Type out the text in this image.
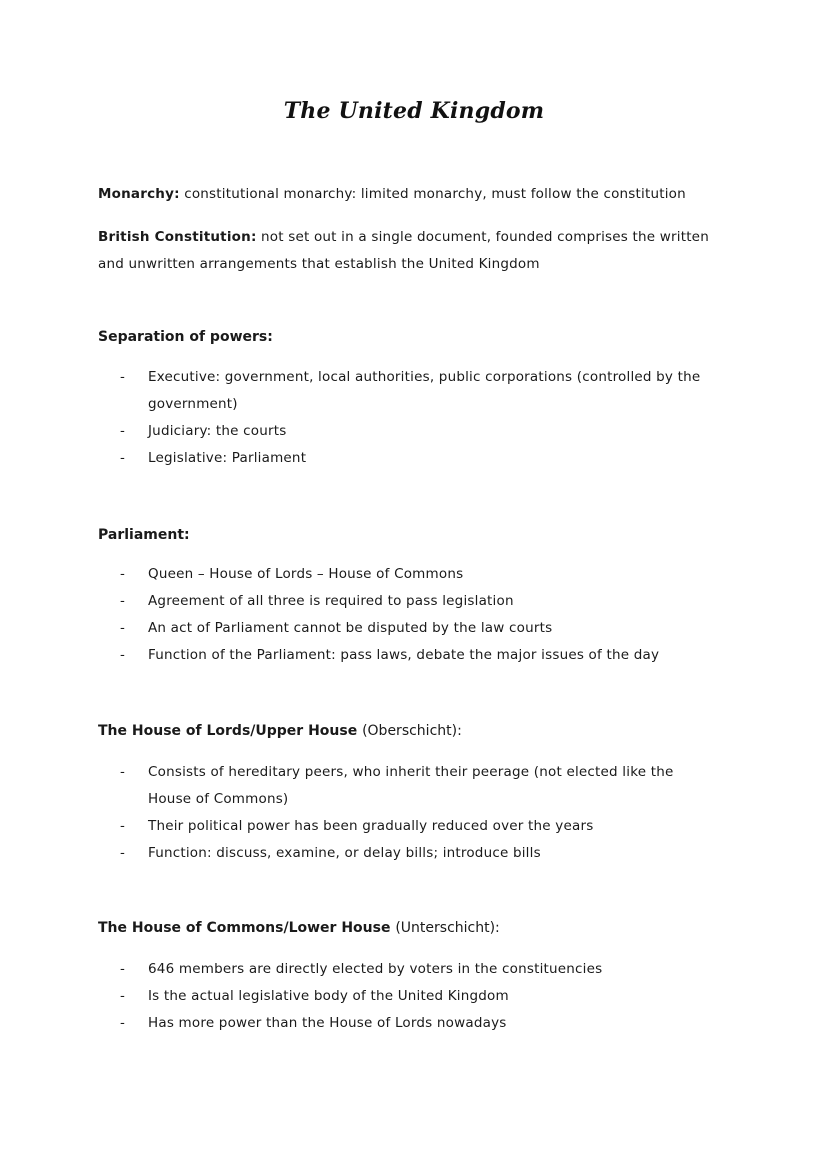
The United Kingdom
Monarchy: constitutional monarchy: limited monarchy, must follow the constitution
British Constitution: not set out in a single document, founded comprises the written and unwritten arrangements that establish the United Kingdom
Separation of powers:
- Executive: government, local authorities, public corporations (controlled by the government)
- Judiciary: the courts
- Legislative: Parliament
Parliament:
- Queen – House of Lords – House of Commons
- Agreement of all three is required to pass legislation
- An act of Parliament cannot be disputed by the law courts
- Function of the Parliament: pass laws, debate the major issues of the day
The House of Lords/Upper House (Oberschicht):
- Consists of hereditary peers, who inherit their peerage (not elected like the House of Commons)
- Their political power has been gradually reduced over the years
- Function: discuss, examine, or delay bills; introduce bills
The House of Commons/Lower House (Unterschicht):
- 646 members are directly elected by voters in the constituencies
- Is the actual legislative body of the United Kingdom
- Has more power than the House of Lords nowadays
